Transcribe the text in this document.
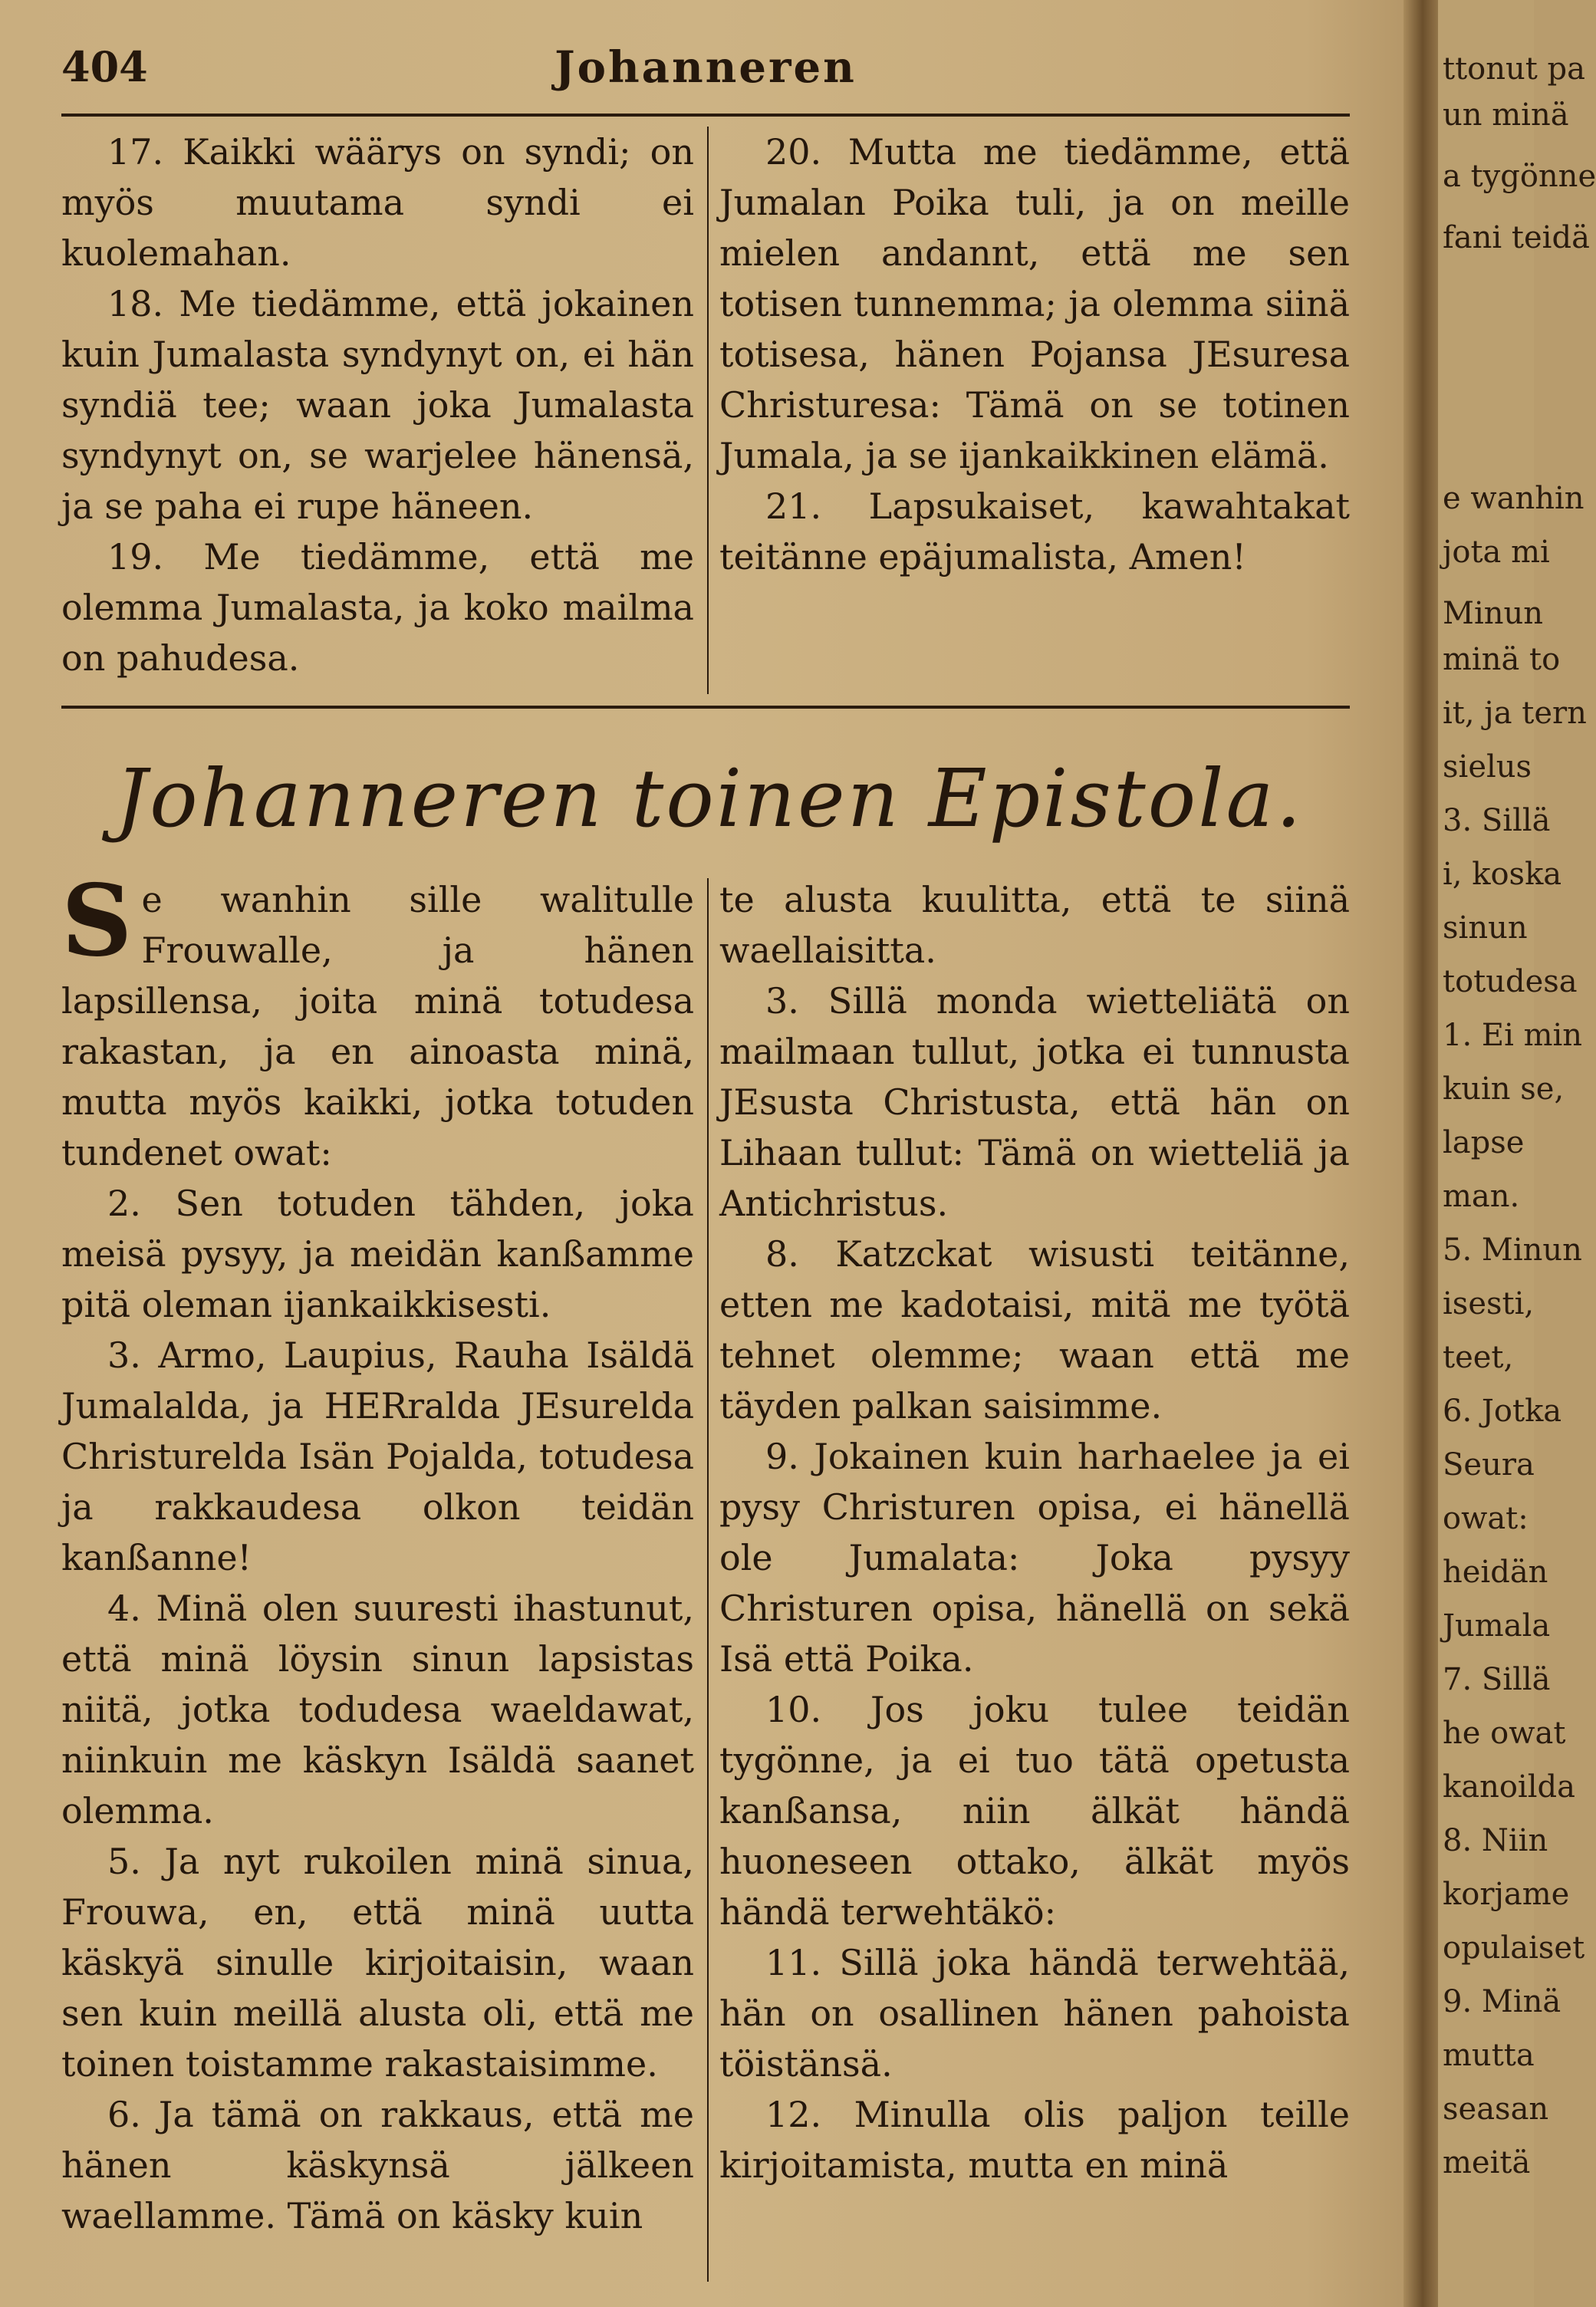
404	Johanneren

17. Kaikki wäärys on syndi; on myös muutama syndi ei kuolemahan.

18. Me tiedämme, että jokainen kuin Jumalasta syndynyt on, ei hän syndiä tee; waan joka Jumalasta syndynyt on, se warjelee hänensä, ja se paha ei rupe häneen.

19. Me tiedämme, että me olemma Jumalasta, ja koko mailma on pahudesa.

20. Mutta me tiedämme, että Jumalan Poika tuli, ja on meille mielen andannt, että me sen totisen tunnemma; ja olemma siinä totisesa, hänen Pojansa JEsuresa Christuresa: Tämä on se totinen Jumala, ja se ijankaikkinen elämä.

21. Lapsukaiset, kawahtakat teitänne epäjumalista, Amen!

Johanneren toinen Epistola.

Se wanhin sille walitulle Frouwalle, ja hänen lapsillensa, joita minä totudesa rakastan, ja en ainoasta minä, mutta myös kaikki, jotka totuden tundenet owat:

2. Sen totuden tähden, joka meisä pysyy, ja meidän kanßamme pitä oleman ijankaikkisesti.

3. Armo, Laupius, Rauha Isäldä Jumalalda, ja HERralda JEsurelda Christurelda Isän Pojalda, totudesa ja rakkaudesa olkon teidän kanßanne!

4. Minä olen suuresti ihastunut, että minä löysin sinun lapsistas niitä, jotka todudesa waeldawat, niinkuin me käskyn Isäldä saanet olemma.

5. Ja nyt rukoilen minä sinua, Frouwa, en, että minä uutta käskyä sinulle kirjoitaisin, waan sen kuin meillä alusta oli, että me toinen toistamme rakastaisimme.

6. Ja tämä on rakkaus, että me hänen käskynsä jälkeen waellamme. Tämä on käsky kuin

te alusta kuulitta, että te siinä waellaisitta.

3. Sillä monda wietteliätä on mailmaan tullut, jotka ei tunnusta JEsusta Christusta, että hän on Lihaan tullut: Tämä on wietteliä ja Antichristus.

8. Katzckat wisusti teitänne, etten me kadotaisi, mitä me työtä tehnet olemme; waan että me täyden palkan saisimme.

9. Jokainen kuin harhaelee ja ei pysy Christuren opisa, ei hänellä ole Jumalata: Joka pysyy Christuren opisa, hänellä on sekä Isä että Poika.

10. Jos joku tulee teidän tygönne, ja ei tuo tätä opetusta kanßansa, niin älkät händä huoneseen ottako, älkät myös händä terwehtäkö:

11. Sillä joka händä terwehtää, hän on osallinen hänen pahoista töistänsä.

12. Minulla olis paljon teille kirjoitamista, mutta en minä

ttonut pa
un minä
a tygönne
fani teidä
e wanhin
jota mi
Minun
minä to
it, ja tern
sielus
3. Sillä
i, koska
sinun
totudesa
1. Ei min
kuin se,
lapse
man.
5. Minun
isesti,
teet,
6. Jotka
Seura
owat:
heidän
Jumala
7. Sillä
he owat
kanoilda
8. Niin
korjame
opulaiset
9. Minä
mutta
seasan
meitä
